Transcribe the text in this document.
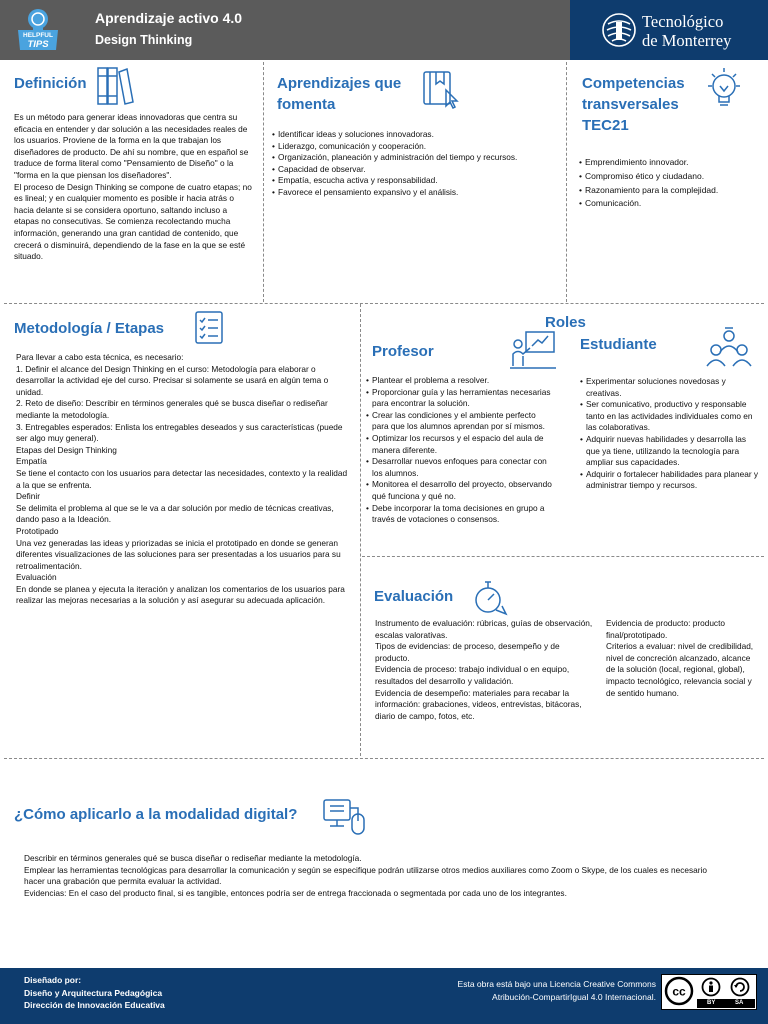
HELPFUL
TIPS
Aprendizaje activo 4.0
Design Thinking
Tecnológico
de Monterrey
Definición

Es un método para generar ideas innovadoras que centra su eficacia en entender y dar solución a las necesidades reales de los usuarios. Proviene de la forma en la que trabajan los diseñadores de producto. De ahí su nombre, que en español se traduce de forma literal como "Pensamiento de Diseño" o la "forma en la que piensan los diseñadores".

El proceso de Design Thinking se compone de cuatro etapas; no es lineal; y en cualquier momento es posible ir hacia atrás o hacia delante si se considera oportuno, saltando incluso a etapas no consecutivas. Se comienza recolectando mucha información, generando una gran cantidad de contenido, que crecerá o disminuirá, dependiendo de la fase en la que se esté situado.

Aprendizajes que
fomenta
• Identificar ideas y soluciones innovadoras.
• Liderazgo, comunicación y cooperación.
• Organización, planeación y administración del tiempo y recursos.
• Capacidad de observar.
• Empatía, escucha activa y responsabilidad.
• Favorece el pensamiento expansivo y el análisis.
Competencias
transversales
TEC21
• Emprendimiento innovador.
• Compromiso ético y ciudadano.
• Razonamiento para la complejidad.
• Comunicación.
Metodología / Etapas

Para llevar a cabo esta técnica, es necesario:

1. Definir el alcance del Design Thinking en el curso: Metodología para elaborar o desarrollar la actividad eje del curso. Precisar si solamente se usará en algún tema o unidad.

2. Reto de diseño: Describir en términos generales qué se busca diseñar o rediseñar mediante la metodología.

3. Entregables esperados: Enlista los entregables deseados y sus características (puede ser algo muy general).

Etapas del Design Thinking

Empatía

Se tiene el contacto con los usuarios para detectar las necesidades, contexto y la realidad a la que se enfrenta.

Definir

Se delimita el problema al que se le va a dar solución por medio de técnicas creativas, dando paso a la Ideación.

Prototipado

Una vez generadas las ideas y priorizadas se inicia el prototipado en donde se generan diferentes visualizaciones de las soluciones para ser presentadas a los usuarios para su retroalimentación.

Evaluación

En donde se planea y ejecuta la iteración y analizan los comentarios de los usuarios para realizar las mejoras necesarias a la solución y así asegurar su adecuada aplicación.

Roles
Profesor
• Plantear el problema a resolver.
• Proporcionar guía y las herramientas necesarias para encontrar la solución.
• Crear las condiciones y el ambiente perfecto para que los alumnos aprendan por sí mismos.
• Optimizar los recursos y el espacio del aula de manera diferente.
• Desarrollar nuevos enfoques para conectar con los alumnos.
• Monitorea el desarrollo del proyecto, observando qué funciona y qué no.
• Debe incorporar la toma decisiones en grupo a través de votaciones o consensos.
Estudiante
• Experimentar soluciones novedosas y creativas.
• Ser comunicativo, productivo y responsable tanto en las actividades individuales como en las colaborativas.
• Adquirir nuevas habilidades y desarrolla las que ya tiene, utilizando la tecnología para ampliar sus capacidades.
• Adquirir o fortalecer habilidades para planear y administrar tiempo y recursos.
Evaluación

Instrumento de evaluación: rúbricas, guías de observación, escalas valorativas.

Tipos de evidencias: de proceso, desempeño y de producto.

Evidencia de proceso: trabajo individual o en equipo, resultados del desarrollo y validación.

Evidencia de desempeño: materiales para recabar la información: grabaciones, videos, entrevistas, bitácoras, diario de campo, fotos, etc.

Evidencia de producto: producto final/prototipado.

Criterios a evaluar: nivel de credibilidad, nivel de concreción alcanzado, alcance de la solución (local, regional, global), impacto tecnológico, relevancia social y de sentido humano.

¿Cómo aplicarlo a la modalidad digital?

Describir en términos generales qué se busca diseñar o rediseñar mediante la metodología.

Emplear las herramientas tecnológicas para desarrollar la comunicación y según se especifique podrán utilizarse otros medios auxiliares como Zoom o Skype, de los cuales es necesario hacer una grabación que permita evaluar la actividad.

Evidencias: En el caso del producto final, si es tangible, entonces podría ser de entrega fraccionada o segmentada por cada uno de los integrantes.

Diseñado por:
Diseño y Arquitectura Pedagógica
Dirección de Innovación Educativa
Esta obra está bajo una Licencia Creative Commons
Atribución-CompartirIgual 4.0 Internacional. cc
BY	SA
